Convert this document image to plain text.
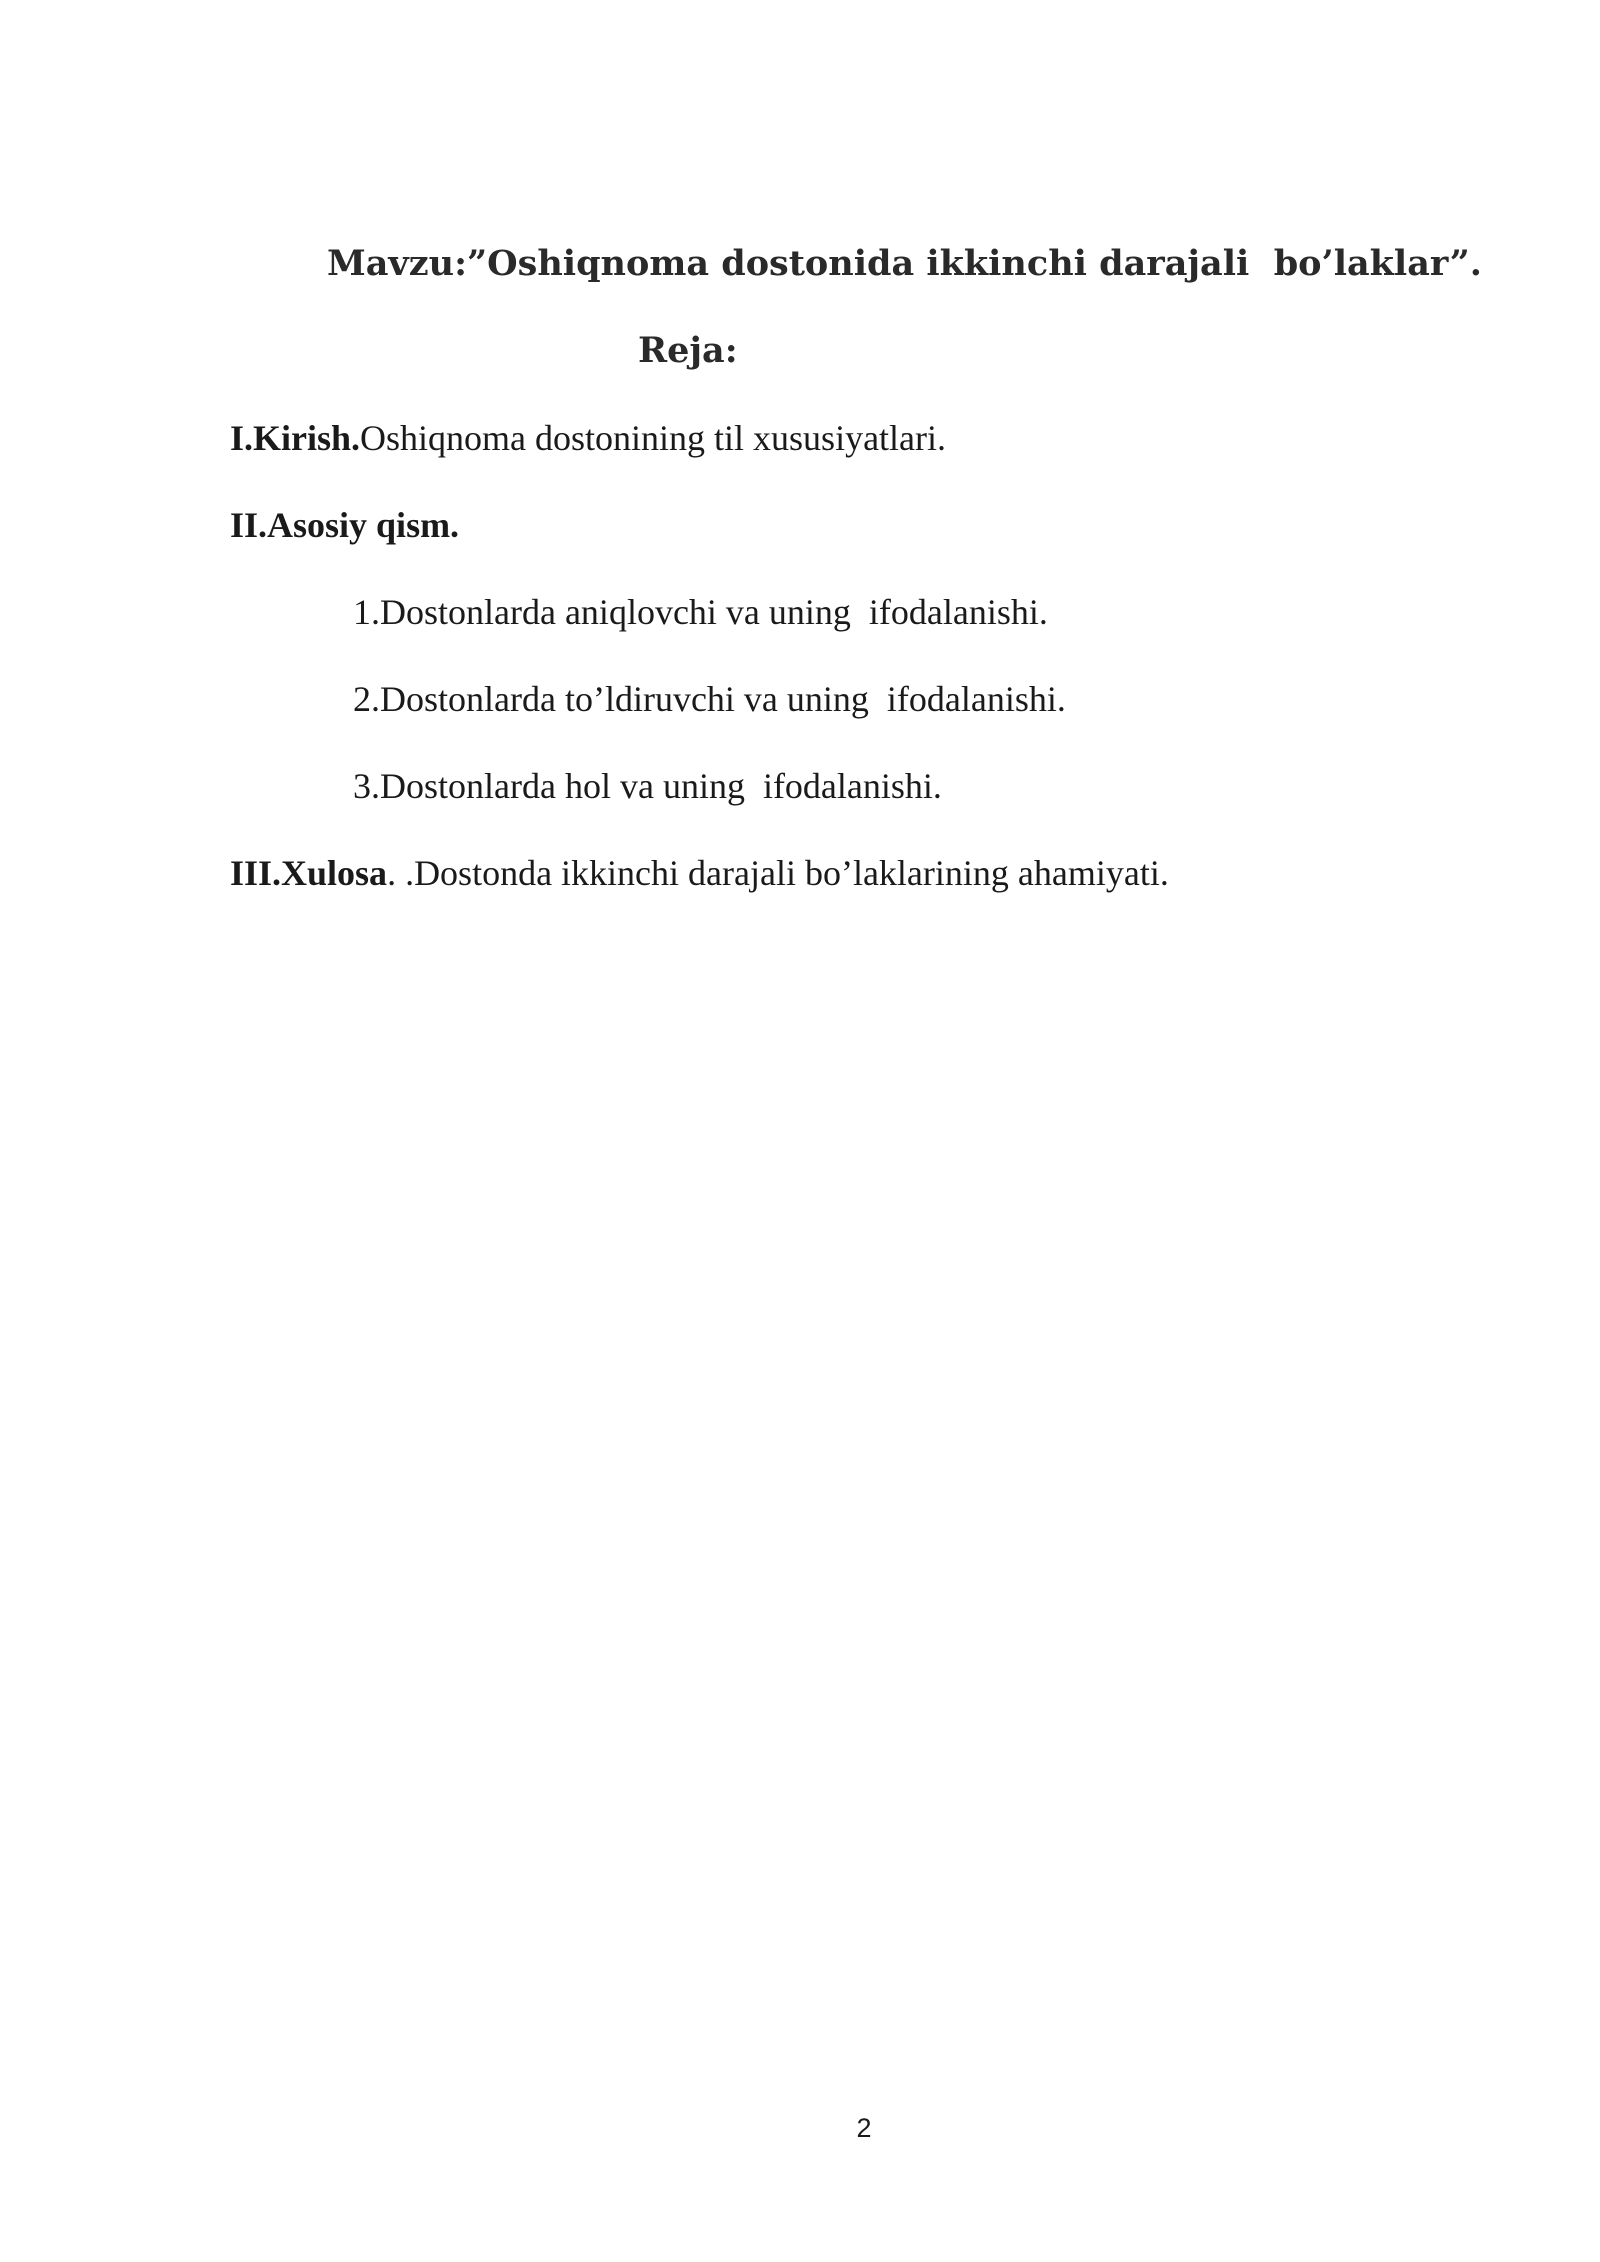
Mavzu:”Oshiqnoma dostonida ikkinchi darajali  bo’laklar”.
Reja:
I.Kirish.Oshiqnoma dostonining til xususiyatlari.
II.Asosiy qism.
1.Dostonlarda aniqlovchi va uning  ifodalanishi.
2.Dostonlarda to’ldiruvchi va uning  ifodalanishi.
3.Dostonlarda hol va uning  ifodalanishi.
III.Xulosa. .Dostonda ikkinchi darajali bo’laklarining ahamiyati.
2
